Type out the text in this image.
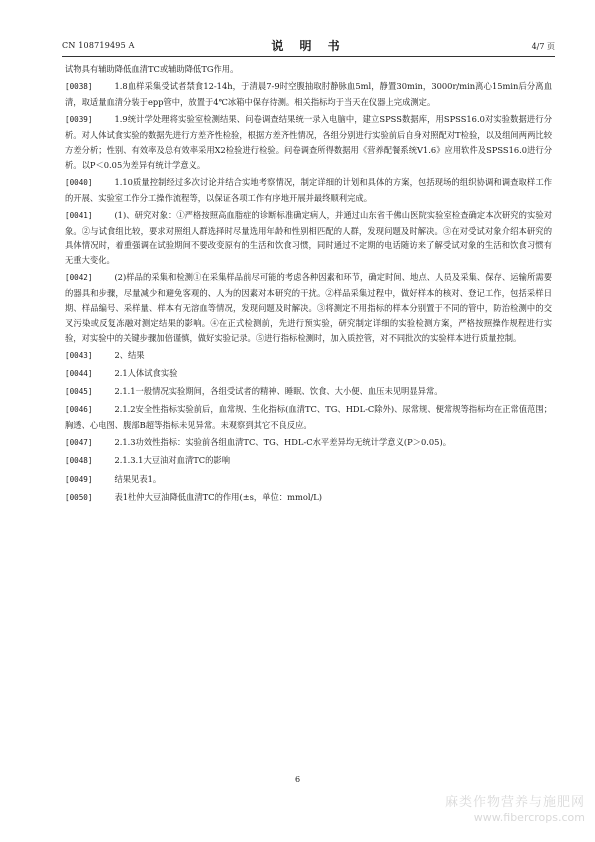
CN 108719495 A	说 明 书	4/7 页

试物具有辅助降低血清TC或辅助降低TG作用。

[0038]	1.8血样采集受试者禁食12-14h，于清晨7-9时空腹抽取肘静脉血5ml，静置30min，3000r/min离心15min后分离血清，取适量血清分装于epp管中，放置于4℃冰箱中保存待测。相关指标均于当天在仪器上完成测定。

[0039]	1.9统计学处理将实验室检测结果、问卷调查结果统一录入电脑中，建立SPSS数据库，用SPSS16.0对实验数据进行分析。对人体试食实验的数据先进行方差齐性检验，根据方差齐性情况，各组分别进行实验前后自身对照配对T检验，以及组间两两比较方差分析；性别、有效率及总有效率采用X2检验进行检验。问卷调查所得数据用《营养配餐系统V1.6》应用软件及SPSS16.0进行分析。以P＜0.05为差异有统计学意义。

[0040]	1.10质量控制经过多次讨论并结合实地考察情况，制定详细的计划和具体的方案，包括现场的组织协调和调查取样工作的开展、实验室工作分工操作流程等，以保证各项工作有序地开展并最终顺利完成。

[0041]	(1)、研究对象：①严格按照高血脂症的诊断标准确定病人，并通过山东省千佛山医院实验室检查确定本次研究的实验对象。②与试食组比较，要求对照组人群选择时尽量选用年龄和性别相匹配的人群，发现问题及时解决。③在对受试对象介绍本研究的具体情况时，着重强调在试验期间不要改变原有的生活和饮食习惯，同时通过不定期的电话随访来了解受试对象的生活和饮食习惯有无重大变化。

[0042]	(2)样品的采集和检测①在采集样品前尽可能的考虑各种因素和环节，确定时间、地点、人员及采集、保存、运输所需要的器具和步骤，尽量减少和避免客观的、人为的因素对本研究的干扰。②样品采集过程中，做好样本的核对、登记工作，包括采样日期、样品编号、采样量、样本有无溶血等情况，发现问题及时解决。③将测定不用指标的样本分别置于不同的管中，防治检测中的交叉污染或反复冻融对测定结果的影响。④在正式检测前，先进行预实验，研究制定详细的实验检测方案，严格按照操作规程进行实验，对实验中的关键步骤加倍谨慎，做好实验记录。⑤进行指标检测时，加入质控管，对不同批次的实验样本进行质量控制。

[0043]	2、结果

[0044]	2.1人体试食实验

[0045]	2.1.1一般情况实验期间，各组受试者的精神、睡眠、饮食、大小便、血压未见明显异常。

[0046]	2.1.2安全性指标实验前后，血常规、生化指标(血清TC、TG、HDL-C除外)、尿常规、便常规等指标均在正常值范围；胸透、心电图、腹部B超等指标未见异常。未观察到其它不良反应。

[0047]	2.1.3功效性指标：实验前各组血清TC、TG、HDL-C水平差异均无统计学意义(P＞0.05)。

[0048]	2.1.3.1大豆油对血清TC的影响

[0049]	结果见表1。

[0050]	表1杜仲大豆油降低血清TC的作用(±s，单位：mmol/L)

6
麻类作物营养与施肥网
www.fibercrops.com
